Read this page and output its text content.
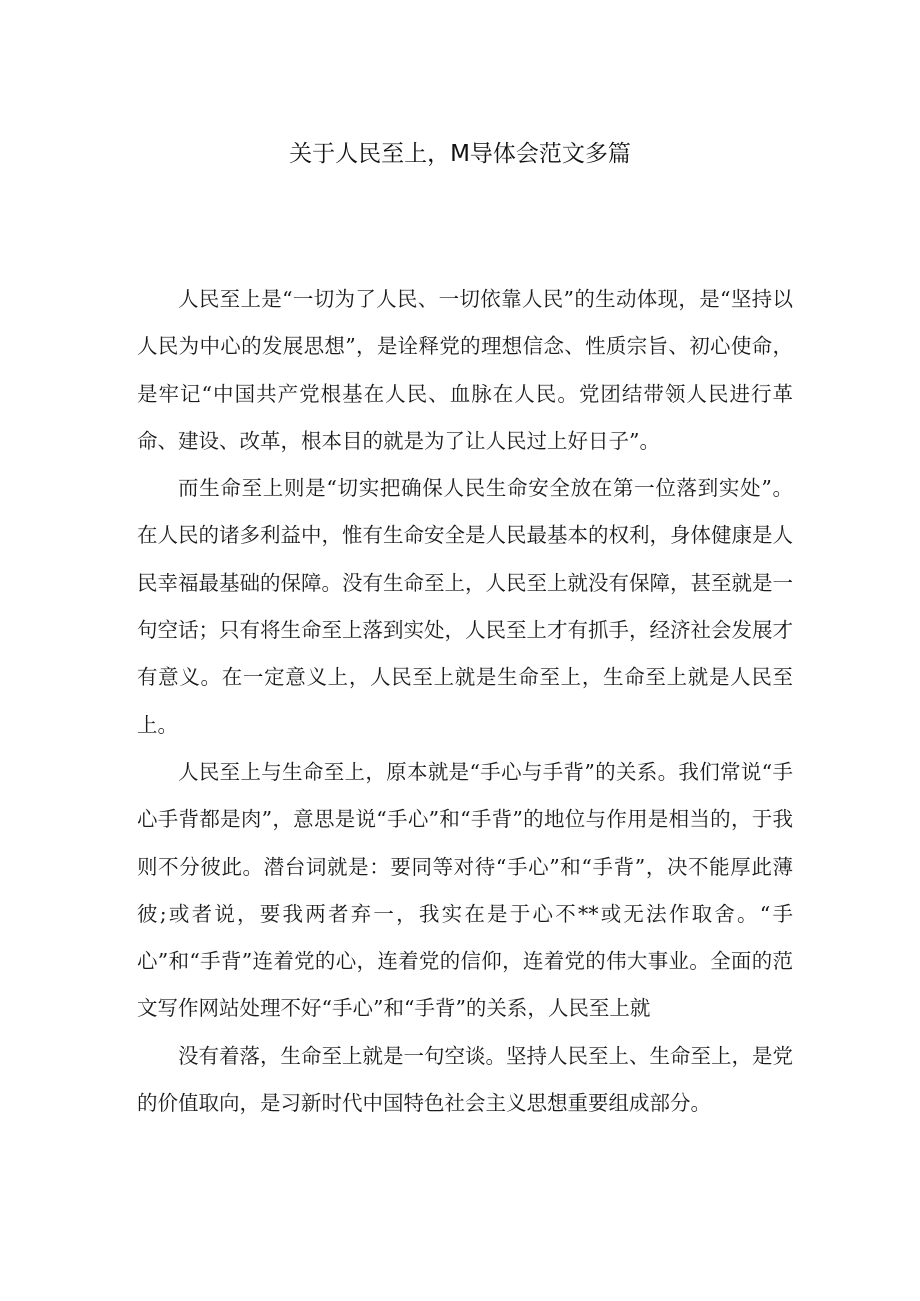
关于人民至上，M导体会范文多篇

人民至上是“一切为了人民、一切依靠人民”的生动体现，是“坚持以人民为中心的发展思想”，是诠释党的理想信念、性质宗旨、初心使命，是牢记“中国共产党根基在人民、血脉在人民。党团结带领人民进行革命、建设、改革，根本目的就是为了让人民过上好日子”。

而生命至上则是“切实把确保人民生命安全放在第一位落到实处”。在人民的诸多利益中，惟有生命安全是人民最基本的权利，身体健康是人民幸福最基础的保障。没有生命至上，人民至上就没有保障，甚至就是一句空话；只有将生命至上落到实处，人民至上才有抓手，经济社会发展才有意义。在一定意义上，人民至上就是生命至上，生命至上就是人民至上。

人民至上与生命至上，原本就是“手心与手背”的关系。我们常说“手心手背都是肉”，意思是说“手心”和“手背”的地位与作用是相当的，于我则不分彼此。潜台词就是：要同等对待“手心”和“手背”，决不能厚此薄彼;或者说，要我两者弃一，我实在是于心不**或无法作取舍。“手心”和“手背”连着党的心，连着党的信仰，连着党的伟大事业。全面的范文写作网站处理不好“手心”和“手背”的关系，人民至上就

没有着落，生命至上就是一句空谈。坚持人民至上、生命至上，是党的价值取向，是习新时代中国特色社会主义思想重要组成部分。
